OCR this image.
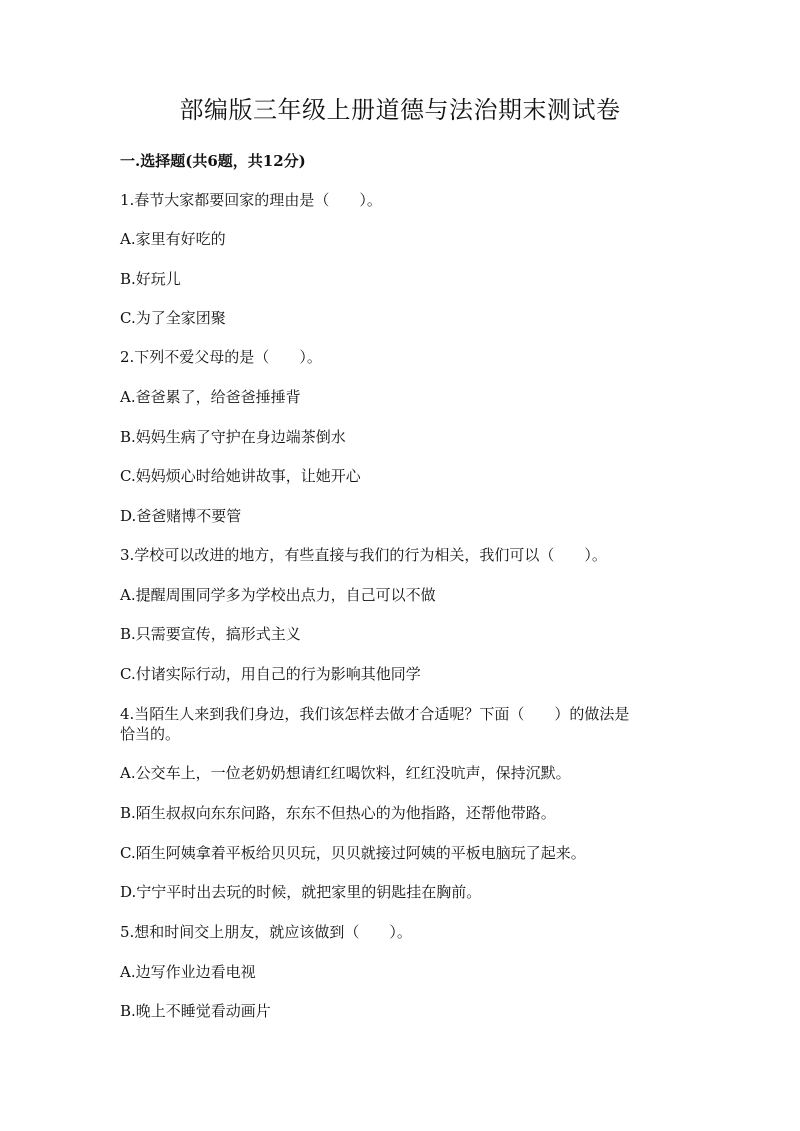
部编版三年级上册道德与法治期末测试卷
一.选择题(共6题，共12分)
1.春节大家都要回家的理由是（　　）。
A.家里有好吃的
B.好玩儿
C.为了全家团聚
2.下列不爱父母的是（　　）。
A.爸爸累了，给爸爸捶捶背
B.妈妈生病了守护在身边端茶倒水
C.妈妈烦心时给她讲故事，让她开心
D.爸爸赌博不要管
3.学校可以改进的地方，有些直接与我们的行为相关，我们可以（　　）。
A.提醒周围同学多为学校出点力，自己可以不做
B.只需要宣传，搞形式主义
C.付诸实际行动，用自己的行为影响其他同学
4.当陌生人来到我们身边，我们该怎样去做才合适呢？下面（　　）的做法是
恰当的。
A.公交车上，一位老奶奶想请红红喝饮料，红红没吭声，保持沉默。
B.陌生叔叔向东东问路，东东不但热心的为他指路，还帮他带路。
C.陌生阿姨拿着平板给贝贝玩，贝贝就接过阿姨的平板电脑玩了起来。
D.宁宁平时出去玩的时候，就把家里的钥匙挂在胸前。
5.想和时间交上朋友，就应该做到（　　）。
A.边写作业边看电视
B.晚上不睡觉看动画片
